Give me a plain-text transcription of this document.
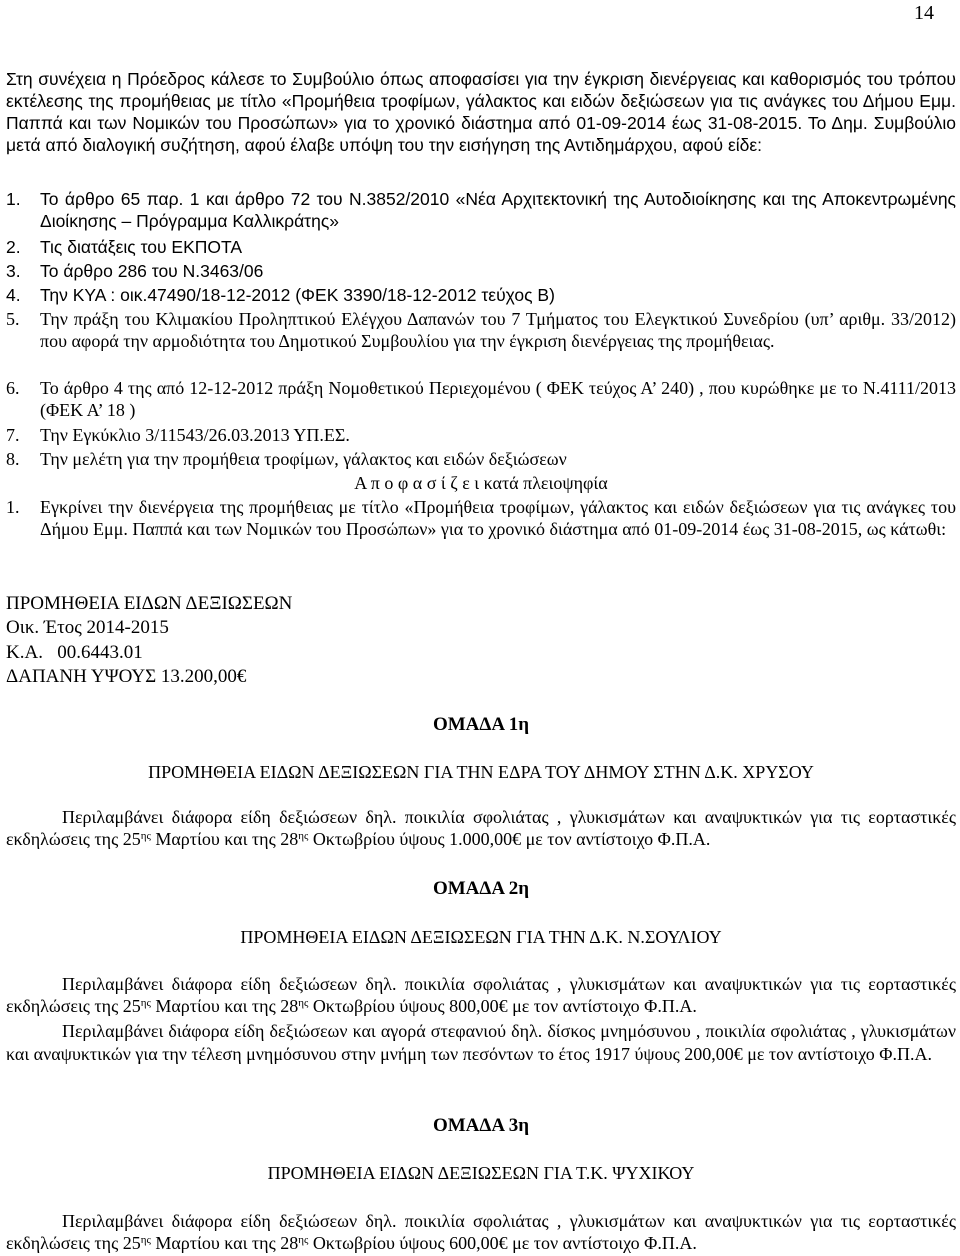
14

Στη συνέχεια η Πρόεδρος κάλεσε το Συμβούλιο όπως αποφασίσει για την έγκριση διενέργειας και καθορισμός του τρόπου εκτέλεσης της προμήθειας με τίτλο «Προμήθεια τροφίμων, γάλακτος και ειδών δεξιώσεων για τις ανάγκες του Δήμου Εμμ. Παππά και των Νομικών του Προσώπων» για το χρονικό διάστημα από 01-09-2014 έως 31-08-2015. Το Δημ. Συμβούλιο μετά από διαλογική συζήτηση, αφού έλαβε υπόψη του την εισήγηση της Αντιδημάρχου, αφού είδε:

1.	Το άρθρο 65 παρ. 1 και άρθρο 72 του Ν.3852/2010 «Νέα Αρχιτεκτονική της Αυτοδιοίκησης και της Αποκεντρωμένης Διοίκησης – Πρόγραμμα Καλλικράτης»
2.	Τις διατάξεις του ΕΚΠΟΤΑ
3.	Το άρθρο 286 του Ν.3463/06
4.	Την ΚΥΑ : οικ.47490/18-12-2012 (ΦΕΚ 3390/18-12-2012 τεύχος Β)
5.	Την πράξη του Κλιμακίου Προληπτικού Ελέγχου Δαπανών του 7 Τμήματος του Ελεγκτικού Συνεδρίου (υπ’ αριθμ. 33/2012) που αφορά την αρμοδιότητα του Δημοτικού Συμβουλίου για την έγκριση διενέργειας της προμήθειας.
6.	Το άρθρο 4 της από 12-12-2012 πράξη Νομοθετικού Περιεχομένου ( ΦΕΚ τεύχος Α’ 240) , που κυρώθηκε με το Ν.4111/2013 (ΦΕΚ Α’ 18 )
7.	Την Εγκύκλιο 3/11543/26.03.2013 ΥΠ.ΕΣ.
8.	Την μελέτη για την προμήθεια τροφίμων, γάλακτος και ειδών δεξιώσεων
Α π ο φ α σ ί ζ ε ι κατά πλειοψηφία
1.	Εγκρίνει την διενέργεια της προμήθειας με τίτλο «Προμήθεια τροφίμων, γάλακτος και ειδών δεξιώσεων για τις ανάγκες του Δήμου Εμμ. Παππά και των Νομικών του Προσώπων» για το χρονικό διάστημα από 01-09-2014 έως 31-08-2015, ως κάτωθι:
ΠΡΟΜΗΘΕΙΑ ΕΙΔΩΝ ΔΕΞΙΩΣΕΩΝ
Οικ. Έτος 2014-2015
Κ.Α.   00.6443.01
ΔΑΠΑΝΗ ΥΨΟΥΣ 13.200,00€
ΟΜΑΔΑ 1η
ΠΡΟΜΗΘΕΙΑ ΕΙΔΩΝ ΔΕΞΙΩΣΕΩΝ ΓΙΑ ΤΗΝ ΕΔΡΑ ΤΟΥ ΔΗΜΟΥ ΣΤΗΝ Δ.Κ. ΧΡΥΣΟΥ

Περιλαμβάνει διάφορα είδη δεξιώσεων δηλ. ποικιλία σφολιάτας , γλυκισμάτων και αναψυκτικών για τις εορταστικές εκδηλώσεις της $25^{\eta\varsigma}$ Μαρτίου και της $28^{\eta\varsigma}$ Οκτωβρίου ύψους 1.000,00€ με τον αντίστοιχο Φ.Π.Α.

ΟΜΑΔΑ 2η
ΠΡΟΜΗΘΕΙΑ ΕΙΔΩΝ ΔΕΞΙΩΣΕΩΝ ΓΙΑ ΤΗΝ Δ.Κ. Ν.ΣΟΥΛΙΟΥ

Περιλαμβάνει διάφορα είδη δεξιώσεων δηλ. ποικιλία σφολιάτας , γλυκισμάτων και αναψυκτικών για τις εορταστικές εκδηλώσεις της $25^{\eta\varsigma}$ Μαρτίου και της $28^{\eta\varsigma}$ Οκτωβρίου ύψους 800,00€ με τον αντίστοιχο Φ.Π.Α.

Περιλαμβάνει διάφορα είδη δεξιώσεων και αγορά στεφανιού δηλ. δίσκος μνημόσυνου , ποικιλία σφολιάτας , γλυκισμάτων και αναψυκτικών για την τέλεση μνημόσυνου στην μνήμη των πεσόντων το έτος 1917 ύψους 200,00€ με τον αντίστοιχο Φ.Π.Α.

ΟΜΑΔΑ 3η
ΠΡΟΜΗΘΕΙΑ ΕΙΔΩΝ ΔΕΞΙΩΣΕΩΝ ΓΙΑ Τ.Κ. ΨΥΧΙΚΟΥ

Περιλαμβάνει διάφορα είδη δεξιώσεων δηλ. ποικιλία σφολιάτας , γλυκισμάτων και αναψυκτικών για τις εορταστικές εκδηλώσεις της $25^{\eta\varsigma}$ Μαρτίου και της $28^{\eta\varsigma}$ Οκτωβρίου ύψους 600,00€ με τον αντίστοιχο Φ.Π.Α.
